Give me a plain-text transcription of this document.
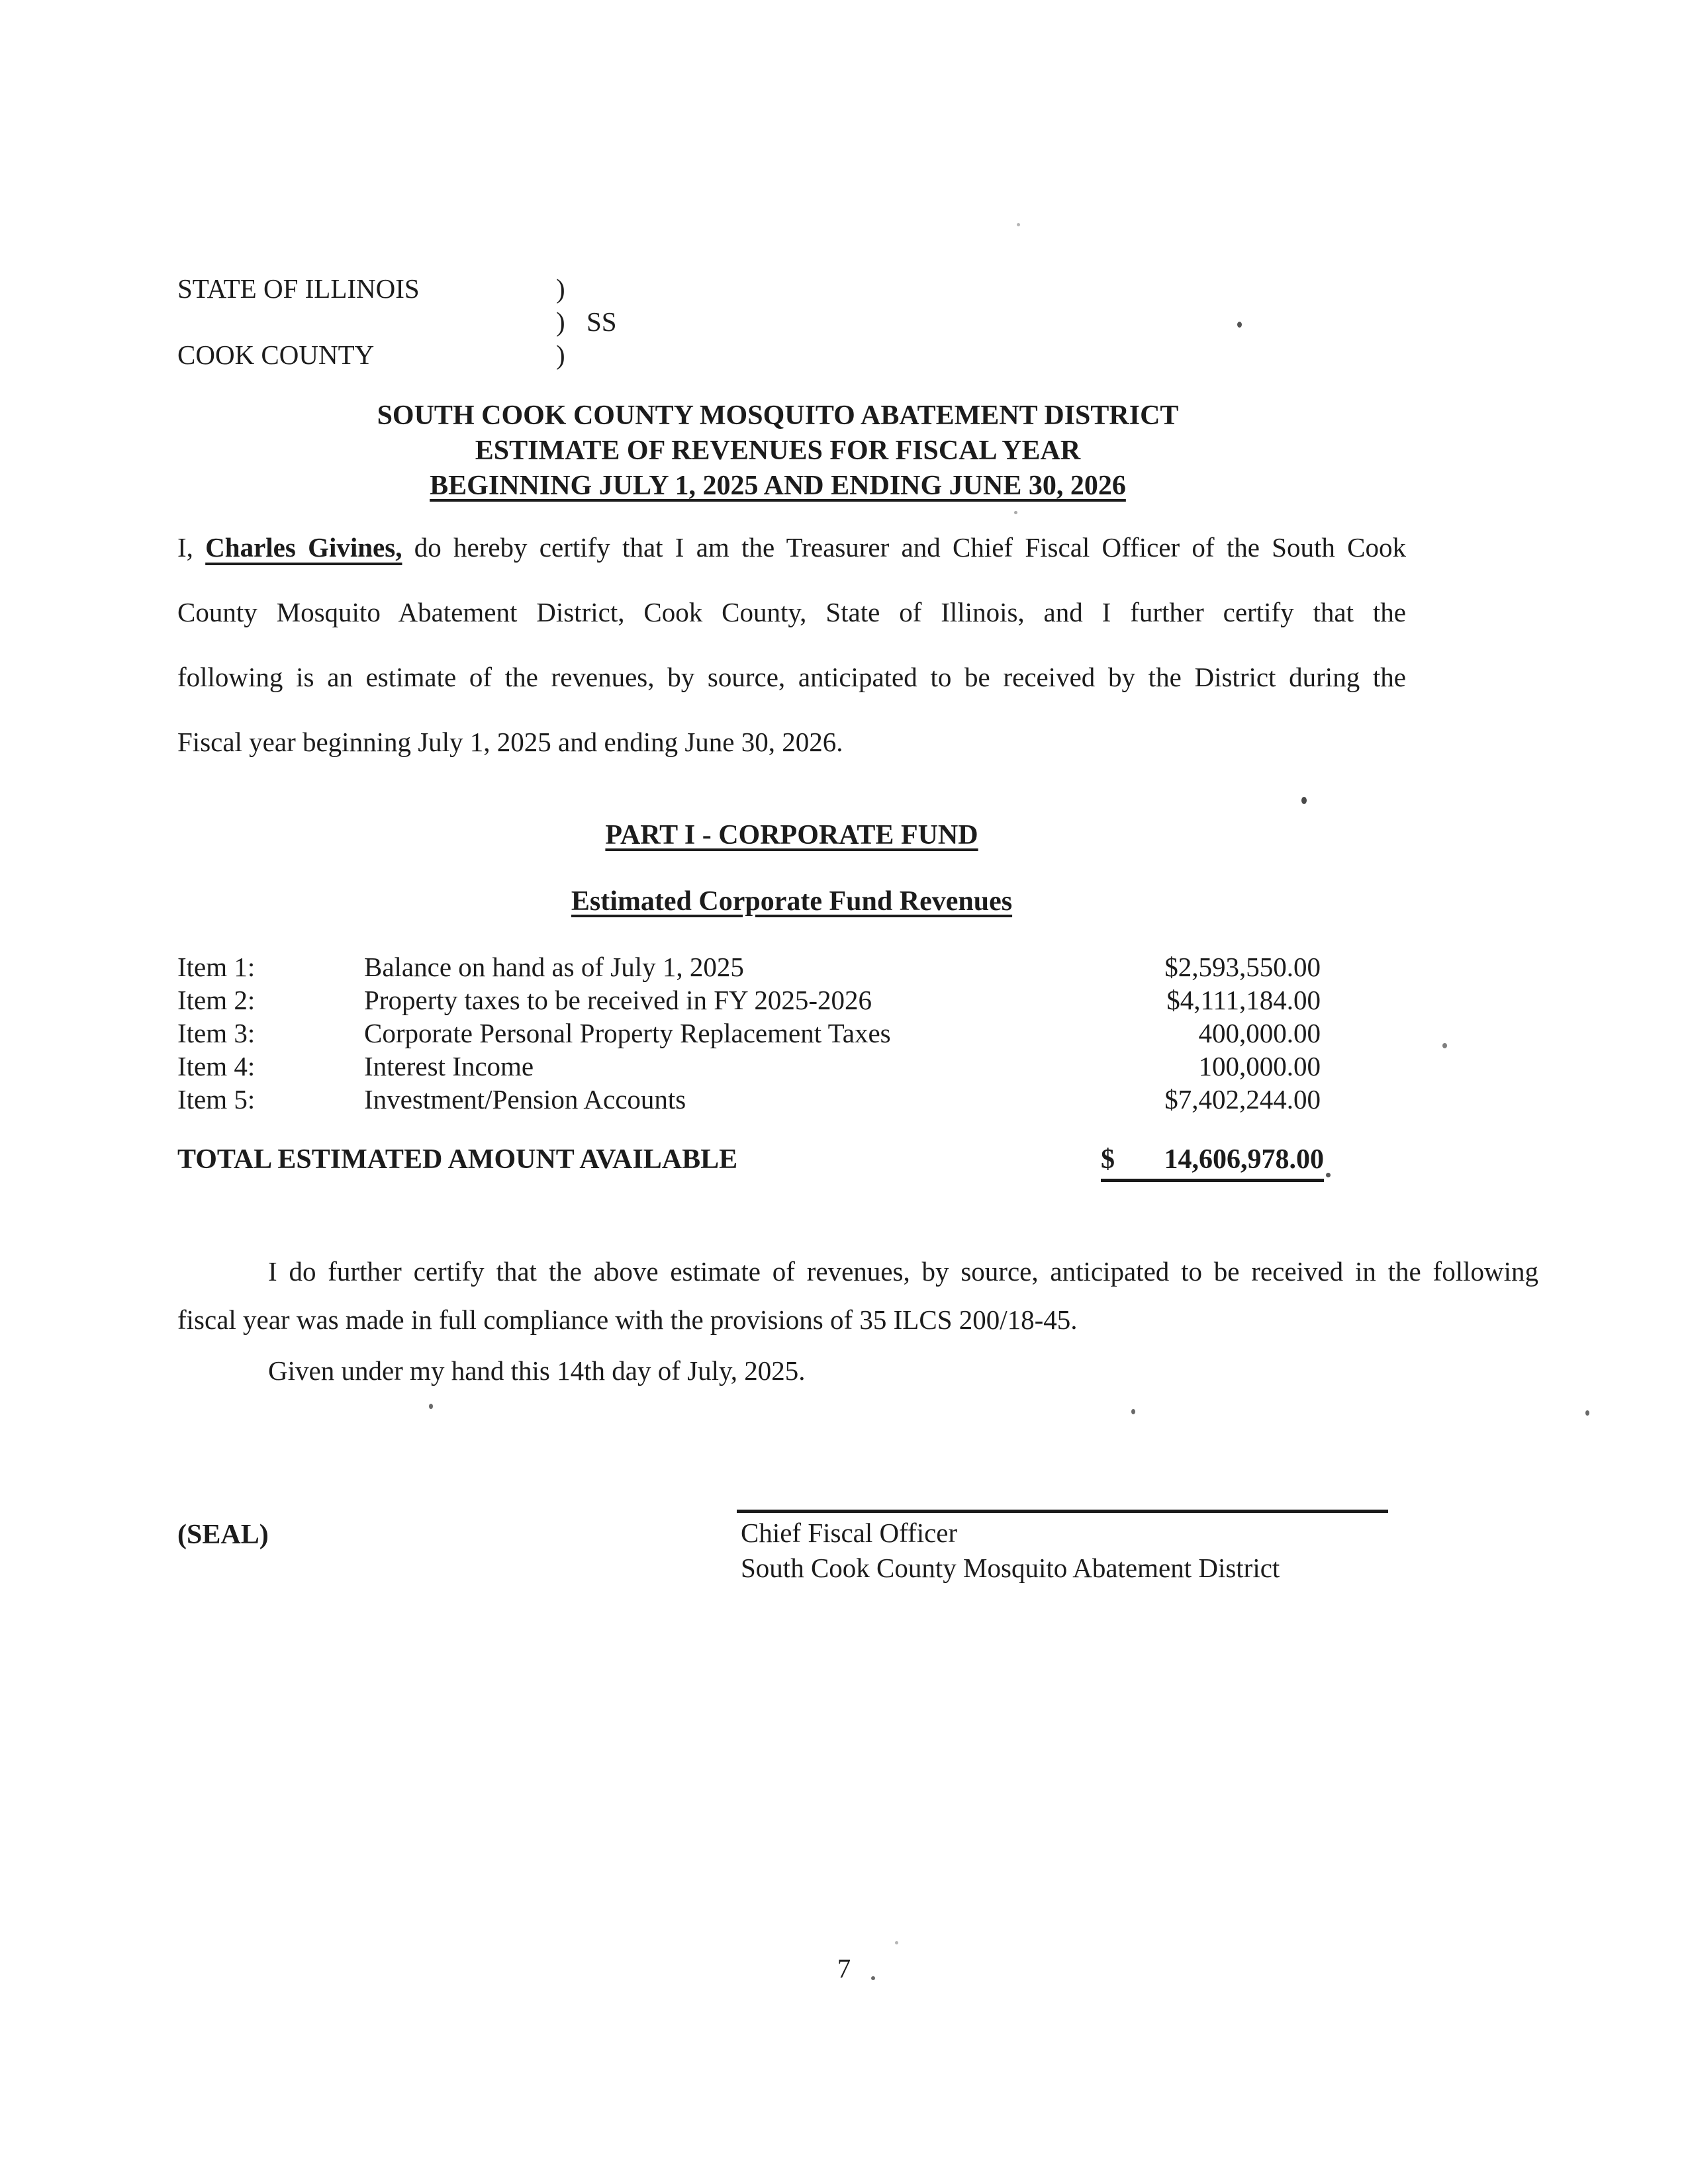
STATE OF ILLINOIS	)
) SS
COOK COUNTY	)
SOUTH COOK COUNTY MOSQUITO ABATEMENT DISTRICT
ESTIMATE OF REVENUES FOR FISCAL YEAR
BEGINNING JULY 1, 2025 AND ENDING JUNE 30, 2026
I, Charles Givines, do hereby certify that I am the Treasurer and Chief Fiscal Officer of the South Cook
County Mosquito Abatement District, Cook County, State of Illinois, and I further certify that the
following is an estimate of the revenues, by source, anticipated to be received by the District during the
Fiscal year beginning July 1, 2025 and ending June 30, 2026.
PART I - CORPORATE FUND
Estimated Corporate Fund Revenues
Item 1:	Balance on hand as of July 1, 2025	$2,593,550.00
Item 2:	Property taxes to be received in FY 2025-2026	$4,111,184.00
Item 3:	Corporate Personal Property Replacement Taxes	400,000.00
Item 4:	Interest Income	100,000.00
Item 5:	Investment/Pension Accounts	$7,402,244.00
TOTAL ESTIMATED AMOUNT AVAILABLE	$ 14,606,978.00
I do further certify that the above estimate of revenues, by source, anticipated to be received in the following
fiscal year was made in full compliance with the provisions of 35 ILCS 200/18-45.
Given under my hand this 14th day of July, 2025.
(SEAL)	Chief Fiscal Officer
South Cook County Mosquito Abatement District
7
